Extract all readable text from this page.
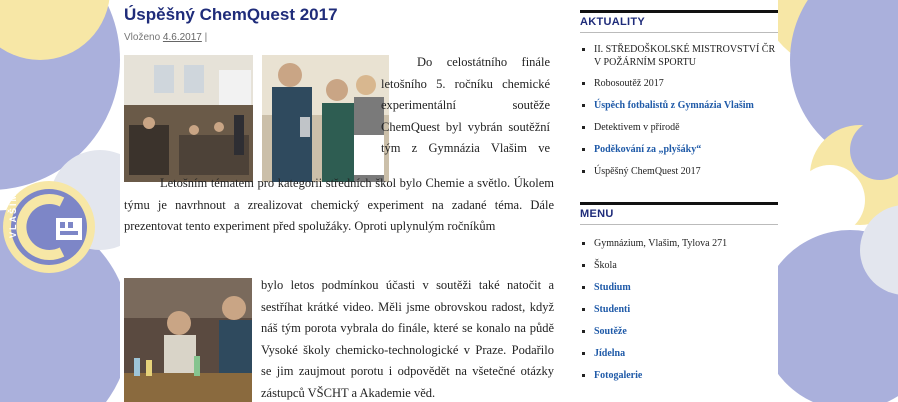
VLAŠIM
Úspěšný ChemQuest 2017
Vloženo 4.6.2017 |

Do celostátního finále letošního 5. ročníku chemické experimentální soutěže ChemQuest byl vybrán soutěžní tým z Gymnázia Vlašim ve

Letošním tématem pro kategorii středních škol bylo Chemie a světlo. Úkolem týmu je navrhnout a zrealizovat chemický experiment na zadané téma. Dále prezentovat tento experiment před spolužáky. Oproti uplynulým ročníkům

bylo letos podmínkou účasti v soutěži také natočit a sestříhat krátké video. Měli jsme obrovskou radost, když náš tým porota vybrala do finále, které se konalo na půdě Vysoké školy chemicko-technologické v Praze. Podařilo se jim zaujmout porotu i odpovědět na všetečné otázky zástupců VŠCHT a Akademie věd.

AKTUALITY
II. STŘEDOŠKOLSKÉ MISTROVSTVÍ ČR V POŽÁRNÍM SPORTU
Robosoutěž 2017
Úspěch fotbalistů z Gymnázia Vlašim
Detektivem v přírodě
Poděkování za „plyšáky“
Úspěšný ChemQuest 2017
MENU
Gymnázium, Vlašim, Tylova 271
Škola
Studium
Studenti
Soutěže
Jídelna
Fotogalerie
